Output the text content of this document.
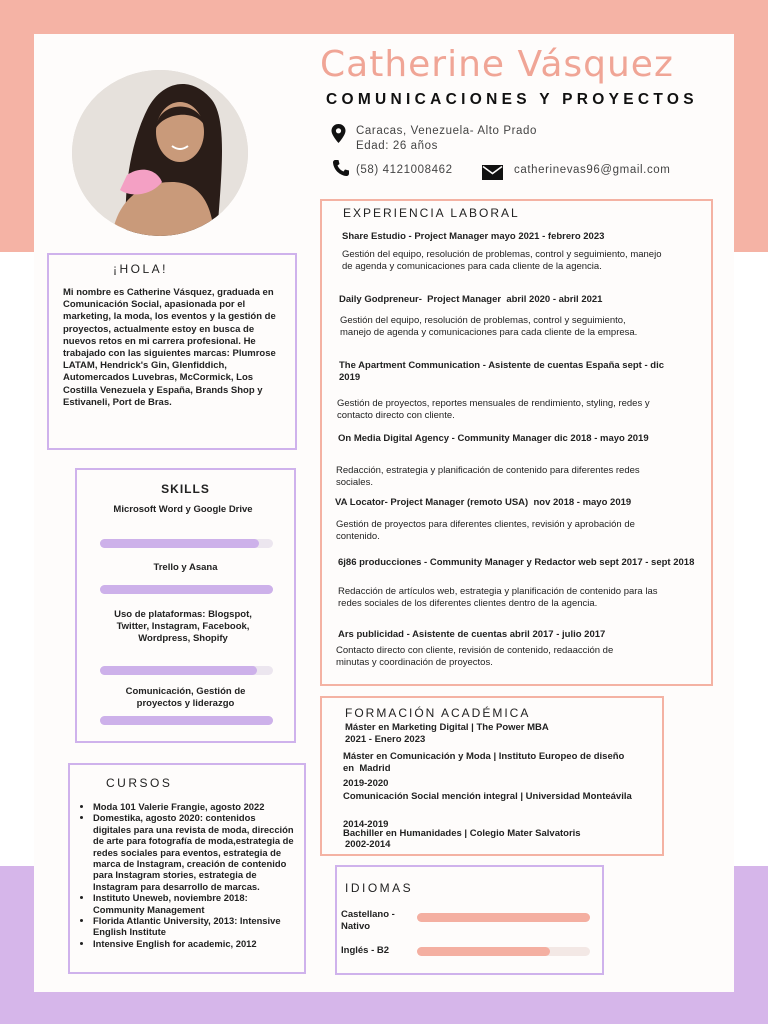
Catherine Vásquez
COMUNICACIONES Y PROYECTOS
Caracas, Venezuela- Alto Prado
Edad: 26 años
(58) 4121008462	catherinevas96@gmail.com
¡HOLA!
Mi nombre es Catherine Vásquez, graduada en Comunicación Social, apasionada por el marketing, la moda, los eventos y la gestión de proyectos, actualmente estoy en busca de nuevos retos en mi carrera profesional. He trabajado con las siguientes marcas: Plumrose LATAM, Hendrick's Gin, Glenfiddich, Automercados Luvebras, McCormick, Los Costilla Venezuela y España, Brands Shop y Estivaneli, Port de Bras.
SKILLS
Microsoft Word y Google Drive
Trello y Asana
Uso de plataformas: Blogspot, Twitter, Instagram, Facebook, Wordpress, Shopify
Comunicación, Gestión de proyectos y liderazgo
CURSOS
• Moda 101 Valerie Frangie, agosto 2022
• Domestika, agosto 2020: contenidos digitales para una revista de moda, dirección de arte para fotografía de moda,estrategia de redes sociales para eventos, estrategia de marca de Instagram, creación de contenido para Instagram stories, estrategia de Instagram para desarrollo de marcas.
• Instituto Uneweb, noviembre 2018: Community Management
• Florida Atlantic University, 2013: Intensive English Institute
• Intensive English for academic, 2012
EXPERIENCIA LABORAL
Share Estudio - Project Manager mayo 2021 - febrero 2023
Gestión del equipo, resolución de problemas, control y seguimiento, manejo de agenda y comunicaciones para cada cliente de la agencia.
Daily Godpreneur-  Project Manager  abril 2020 - abril 2021
Gestión del equipo, resolución de problemas, control y seguimiento, manejo de agenda y comunicaciones para cada cliente de la empresa.
The Apartment Communication - Asistente de cuentas España sept - dic 2019
Gestión de proyectos, reportes mensuales de rendimiento, styling, redes y contacto directo con cliente.
On Media Digital Agency - Community Manager dic 2018 - mayo 2019
Redacción, estrategia y planificación de contenido para diferentes redes sociales.
VA Locator- Project Manager (remoto USA)  nov 2018 - mayo 2019
Gestión de proyectos para diferentes clientes, revisión y aprobación de contenido.
6j86 producciones - Community Manager y Redactor web sept 2017 - sept 2018
Redacción de artículos web, estrategia y planificación de contenido para las redes sociales de los diferentes clientes dentro de la agencia.
Ars publicidad - Asistente de cuentas abril 2017 - julio 2017
Contacto directo con cliente, revisión de contenido, redaacción de minutas y coordinación de proyectos.
FORMACIÓN ACADÉMICA
Máster en Marketing Digital | The Power MBA
2021 - Enero 2023
Máster en Comunicación y Moda | Instituto Europeo de diseño en  Madrid
2019-2020
Comunicación Social mención integral | Universidad Monteávila
2014-2019
Bachiller en Humanidades | Colegio Mater Salvatoris
2002-2014
IDIOMAS
Castellano - Nativo
Inglés - B2
